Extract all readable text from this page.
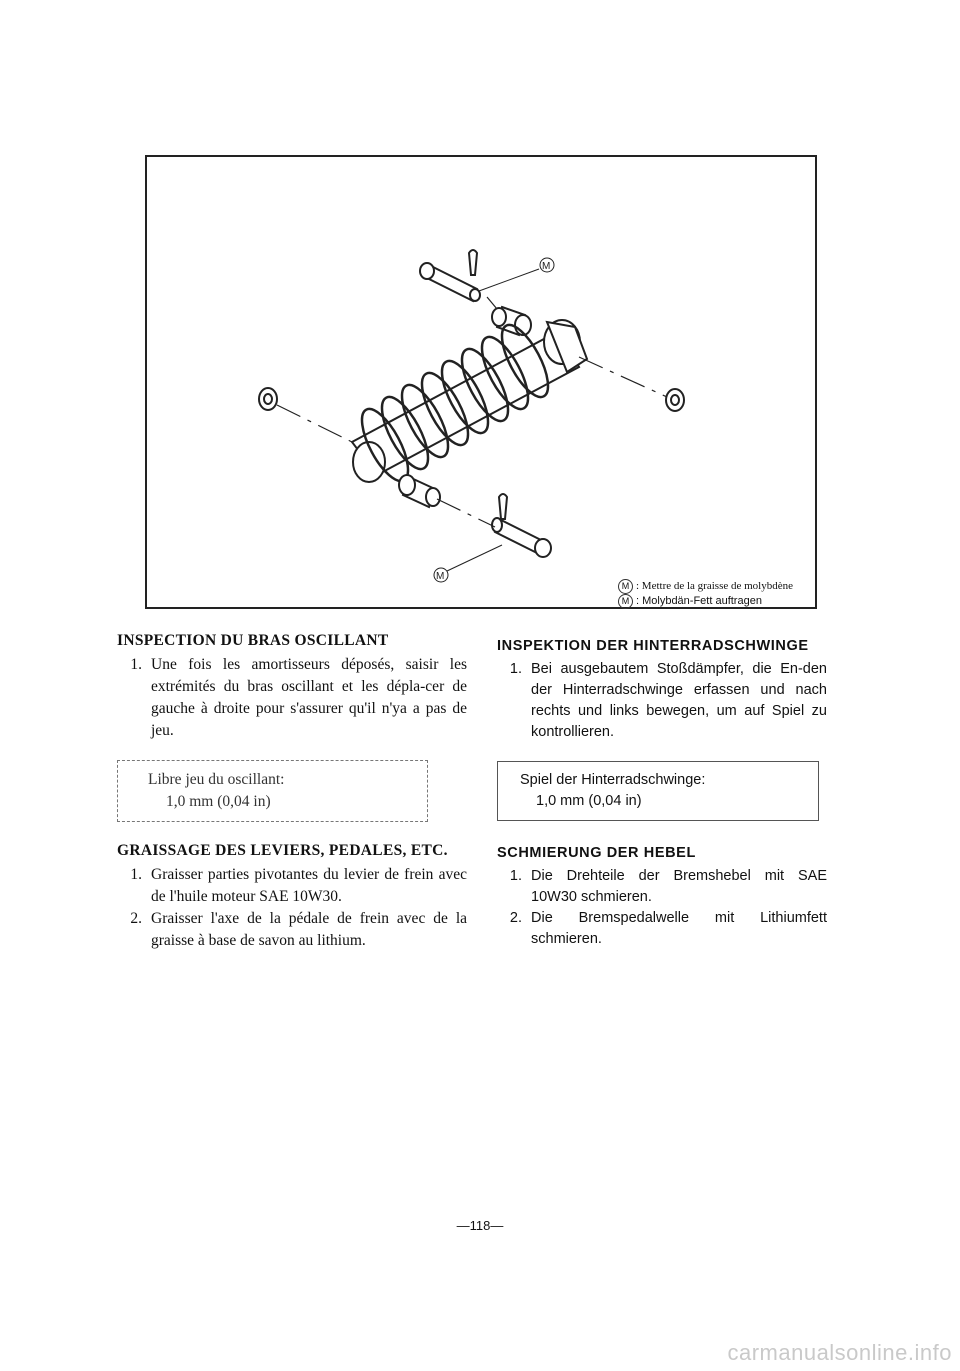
M
M
M : Mettre de la graisse de molybdène
M : Molybdän-Fett auftragen
INSPECTION DU BRAS OSCILLANT
1. Une fois les amortisseurs déposés, saisir les extrémités du bras oscillant et les dépla-cer de gauche à droite pour s'assurer qu'il n'ya a pas de jeu.
Libre jeu du oscillant:
1,0 mm (0,04 in)
GRAISSAGE DES LEVIERS, PEDALES, ETC.
1. Graisser parties pivotantes du levier de frein avec de l'huile moteur SAE 10W30.
2. Graisser l'axe de la pédale de frein avec de la graisse à base de savon au lithium.
INSPEKTION DER HINTERRADSCHWINGE
1. Bei ausgebautem Stoßdämpfer, die En-den der Hinterradschwinge erfassen und nach rechts und links bewegen, um auf Spiel zu kontrollieren.
Spiel der Hinterradschwinge:
1,0 mm (0,04 in)
SCHMIERUNG DER HEBEL
1. Die Drehteile der Bremshebel mit SAE 10W30 schmieren.
2. Die Bremspedalwelle mit Lithiumfett schmieren.
—118—
carmanualsonline.info
